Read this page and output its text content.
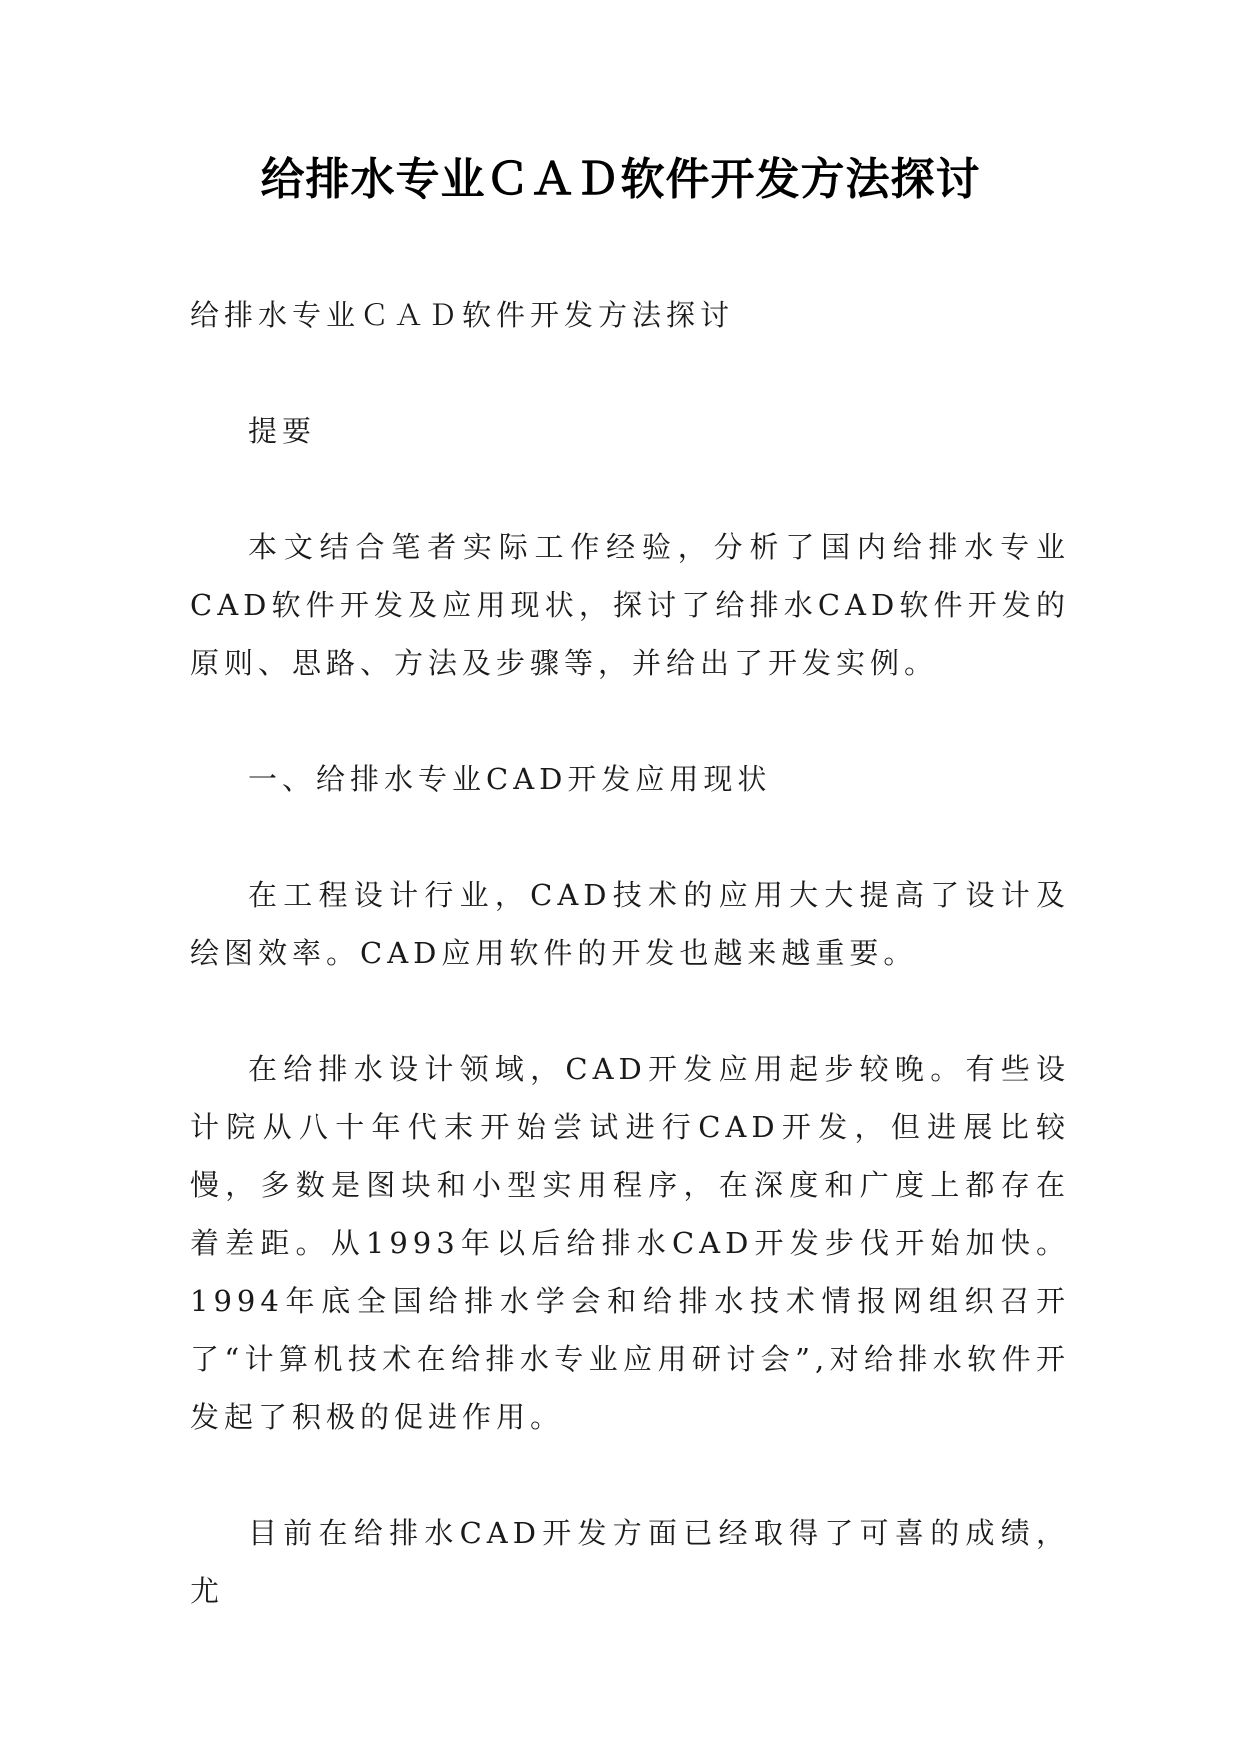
给排水专业ＣＡＤ软件开发方法探讨

给排水专业ＣＡＤ软件开发方法探讨

提要

本文结合笔者实际工作经验，分析了国内给排水专业CAD软件开发及应用现状，探讨了给排水CAD软件开发的原则、思路、方法及步骤等，并给出了开发实例。

一、给排水专业CAD开发应用现状

在工程设计行业，CAD技术的应用大大提高了设计及绘图效率。CAD应用软件的开发也越来越重要。

在给排水设计领域，CAD开发应用起步较晚。有些设计院从八十年代末开始尝试进行CAD开发，但进展比较慢，多数是图块和小型实用程序，在深度和广度上都存在着差距。从1993年以后给排水CAD开发步伐开始加快。1994年底全国给排水学会和给排水技术情报网组织召开了“计算机技术在给排水专业应用研讨会”,对给排水软件开发起了积极的促进作用。

目前在给排水CAD开发方面已经取得了可喜的成绩，尤
